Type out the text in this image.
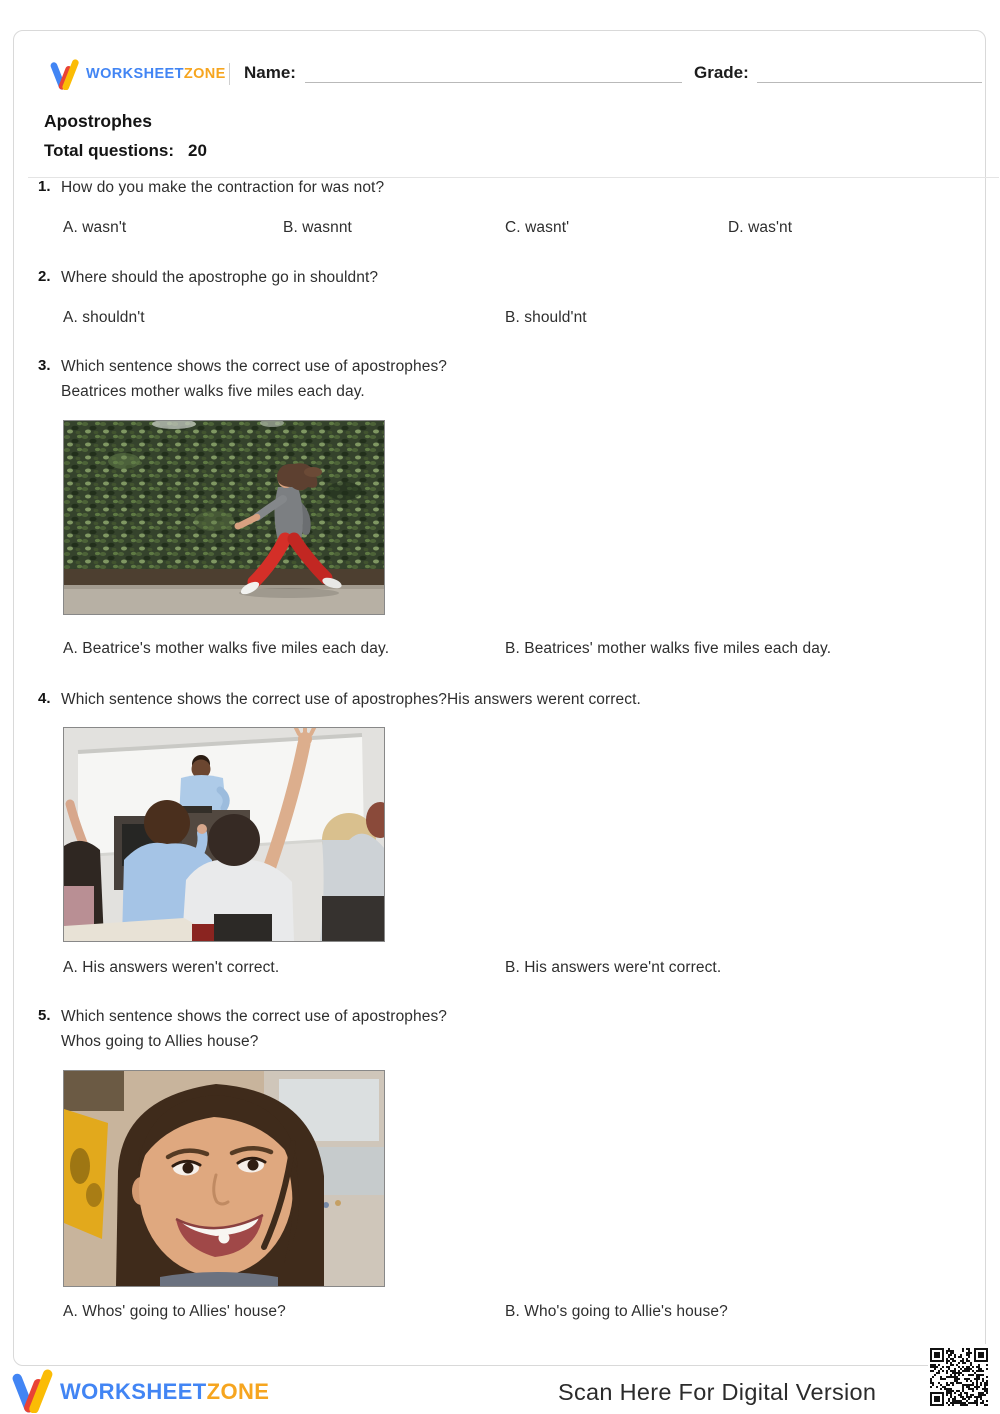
WORKSHEETZONE Name:	Grade:
Apostrophes
Total questions: 20
1. How do you make the contraction for was not?
A. wasn't	B. wasnnt	C. wasnt'	D. was'nt
2. Where should the apostrophe go in shouldnt?
A. shouldn't	B. should'nt
3. Which sentence shows the correct use of apostrophes?
Beatrices mother walks five miles each day.
A. Beatrice's mother walks five miles each day.	B. Beatrices' mother walks five miles each day.
4. Which sentence shows the correct use of apostrophes?His answers werent correct.
A. His answers weren't correct.	B. His answers were'nt correct.
5. Which sentence shows the correct use of apostrophes?
Whos going to Allies house?
A. Whos' going to Allies' house?	B. Who's going to Allie's house?
WORKSHEETZONE	Scan Here For Digital Version
